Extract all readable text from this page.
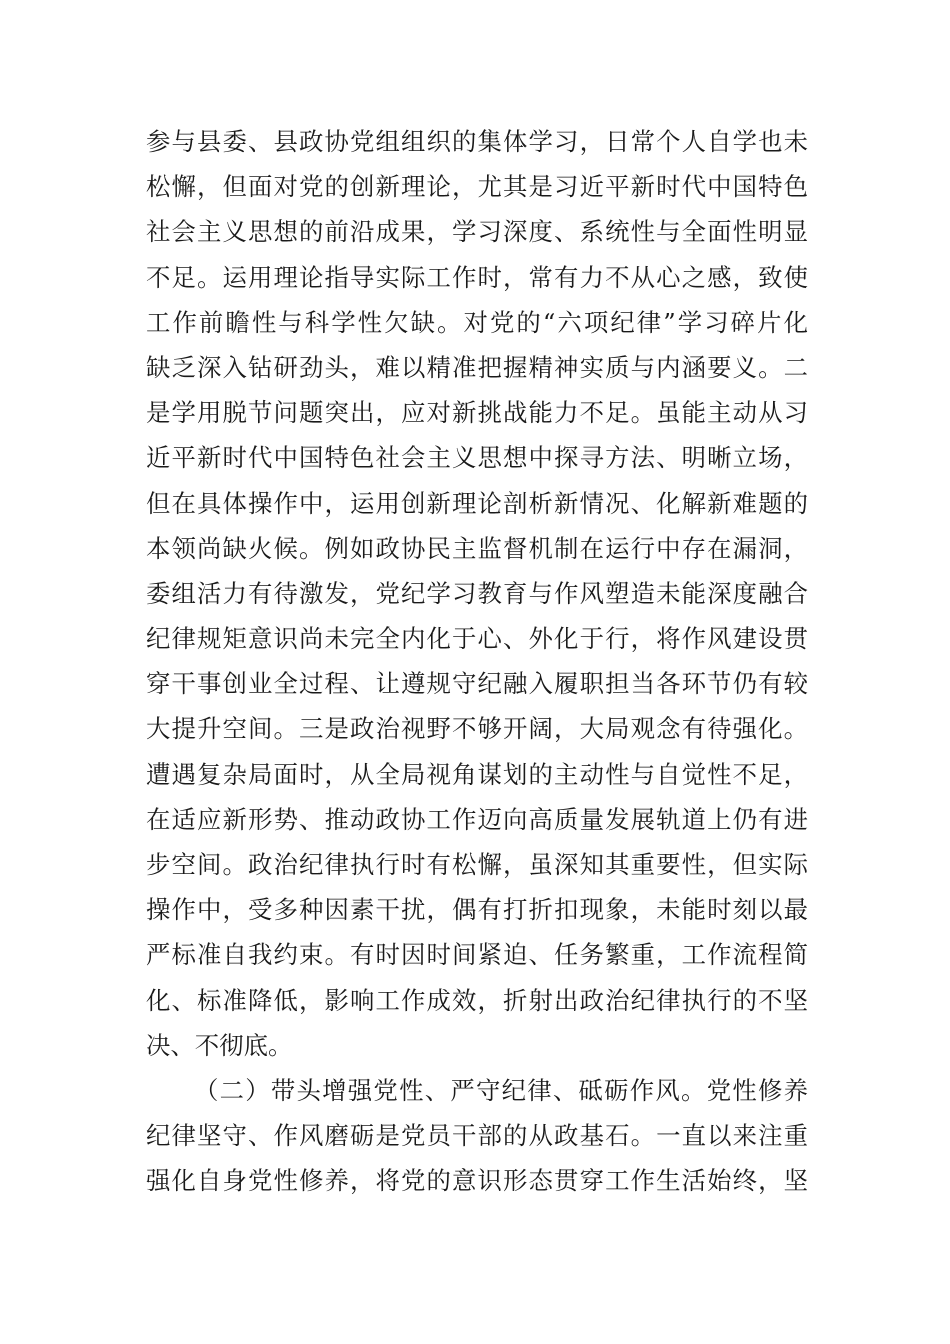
参与县委、县政协党组组织的集体学习，日常个人自学也未
松懈，但面对党的创新理论，尤其是习近平新时代中国特色
社会主义思想的前沿成果，学习深度、系统性与全面性明显
不足。运用理论指导实际工作时，常有力不从心之感，致使
工作前瞻性与科学性欠缺。对党的“六项纪律”学习碎片化
缺乏深入钻研劲头，难以精准把握精神实质与内涵要义。二
是学用脱节问题突出，应对新挑战能力不足。虽能主动从习
近平新时代中国特色社会主义思想中探寻方法、明晰立场，
但在具体操作中，运用创新理论剖析新情况、化解新难题的
本领尚缺火候。例如政协民主监督机制在运行中存在漏洞，
委组活力有待激发，党纪学习教育与作风塑造未能深度融合
纪律规矩意识尚未完全内化于心、外化于行，将作风建设贯
穿干事创业全过程、让遵规守纪融入履职担当各环节仍有较
大提升空间。三是政治视野不够开阔，大局观念有待强化。
遭遇复杂局面时，从全局视角谋划的主动性与自觉性不足，
在适应新形势、推动政协工作迈向高质量发展轨道上仍有进
步空间。政治纪律执行时有松懈，虽深知其重要性，但实际
操作中，受多种因素干扰，偶有打折扣现象，未能时刻以最
严标准自我约束。有时因时间紧迫、任务繁重，工作流程简
化、标准降低，影响工作成效，折射出政治纪律执行的不坚
决、不彻底。
（二）带头增强党性、严守纪律、砥砺作风。党性修养
纪律坚守、作风磨砺是党员干部的从政基石。一直以来注重
强化自身党性修养，将党的意识形态贯穿工作生活始终，坚
